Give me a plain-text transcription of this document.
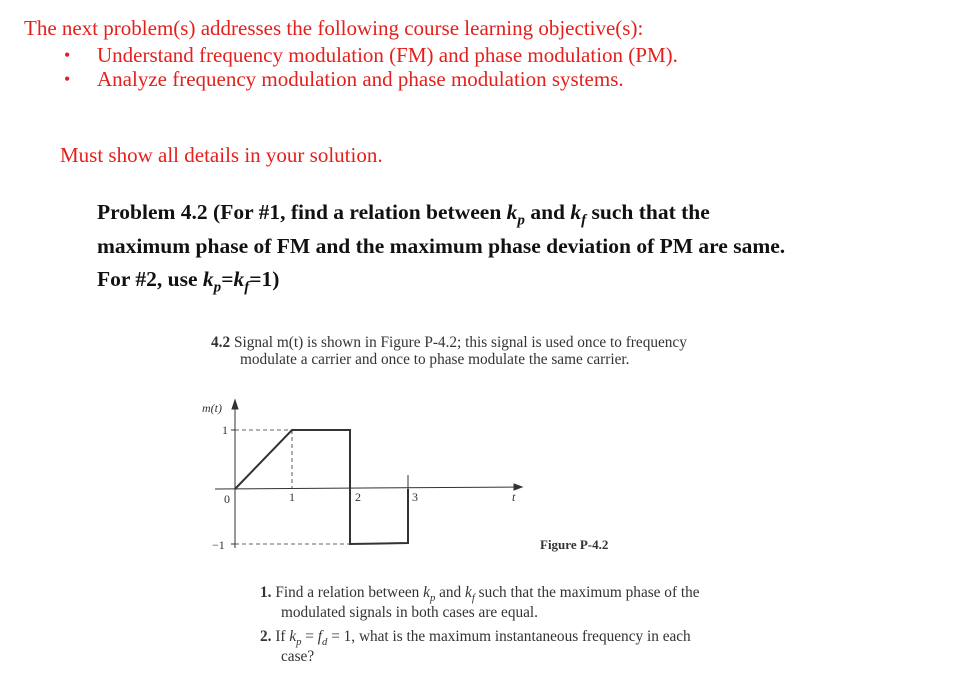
The next problem(s) addresses the following course learning objective(s):
• Understand frequency modulation (FM) and phase modulation (PM).
• Analyze frequency modulation and phase modulation systems.
Must show all details in your solution.
Problem 4.2 (For #1, find a relation between $k_p$ and $k_f$ such that the
maximum phase of FM and the maximum phase deviation of PM are same.
For #2, use $k_p=k_f=1$)
4.2 Signal m(t) is shown in Figure P-4.2; this signal is used once to frequency
modulate a carrier and once to phase modulate the same carrier.
m(t)
1
0
−1
1	2	3	t
Figure P-4.2
1. Find a relation between $k_p$ and $k_f$ such that the maximum phase of the
modulated signals in both cases are equal.
2. If $k_p = f_d = 1$, what is the maximum instantaneous frequency in each
case?
